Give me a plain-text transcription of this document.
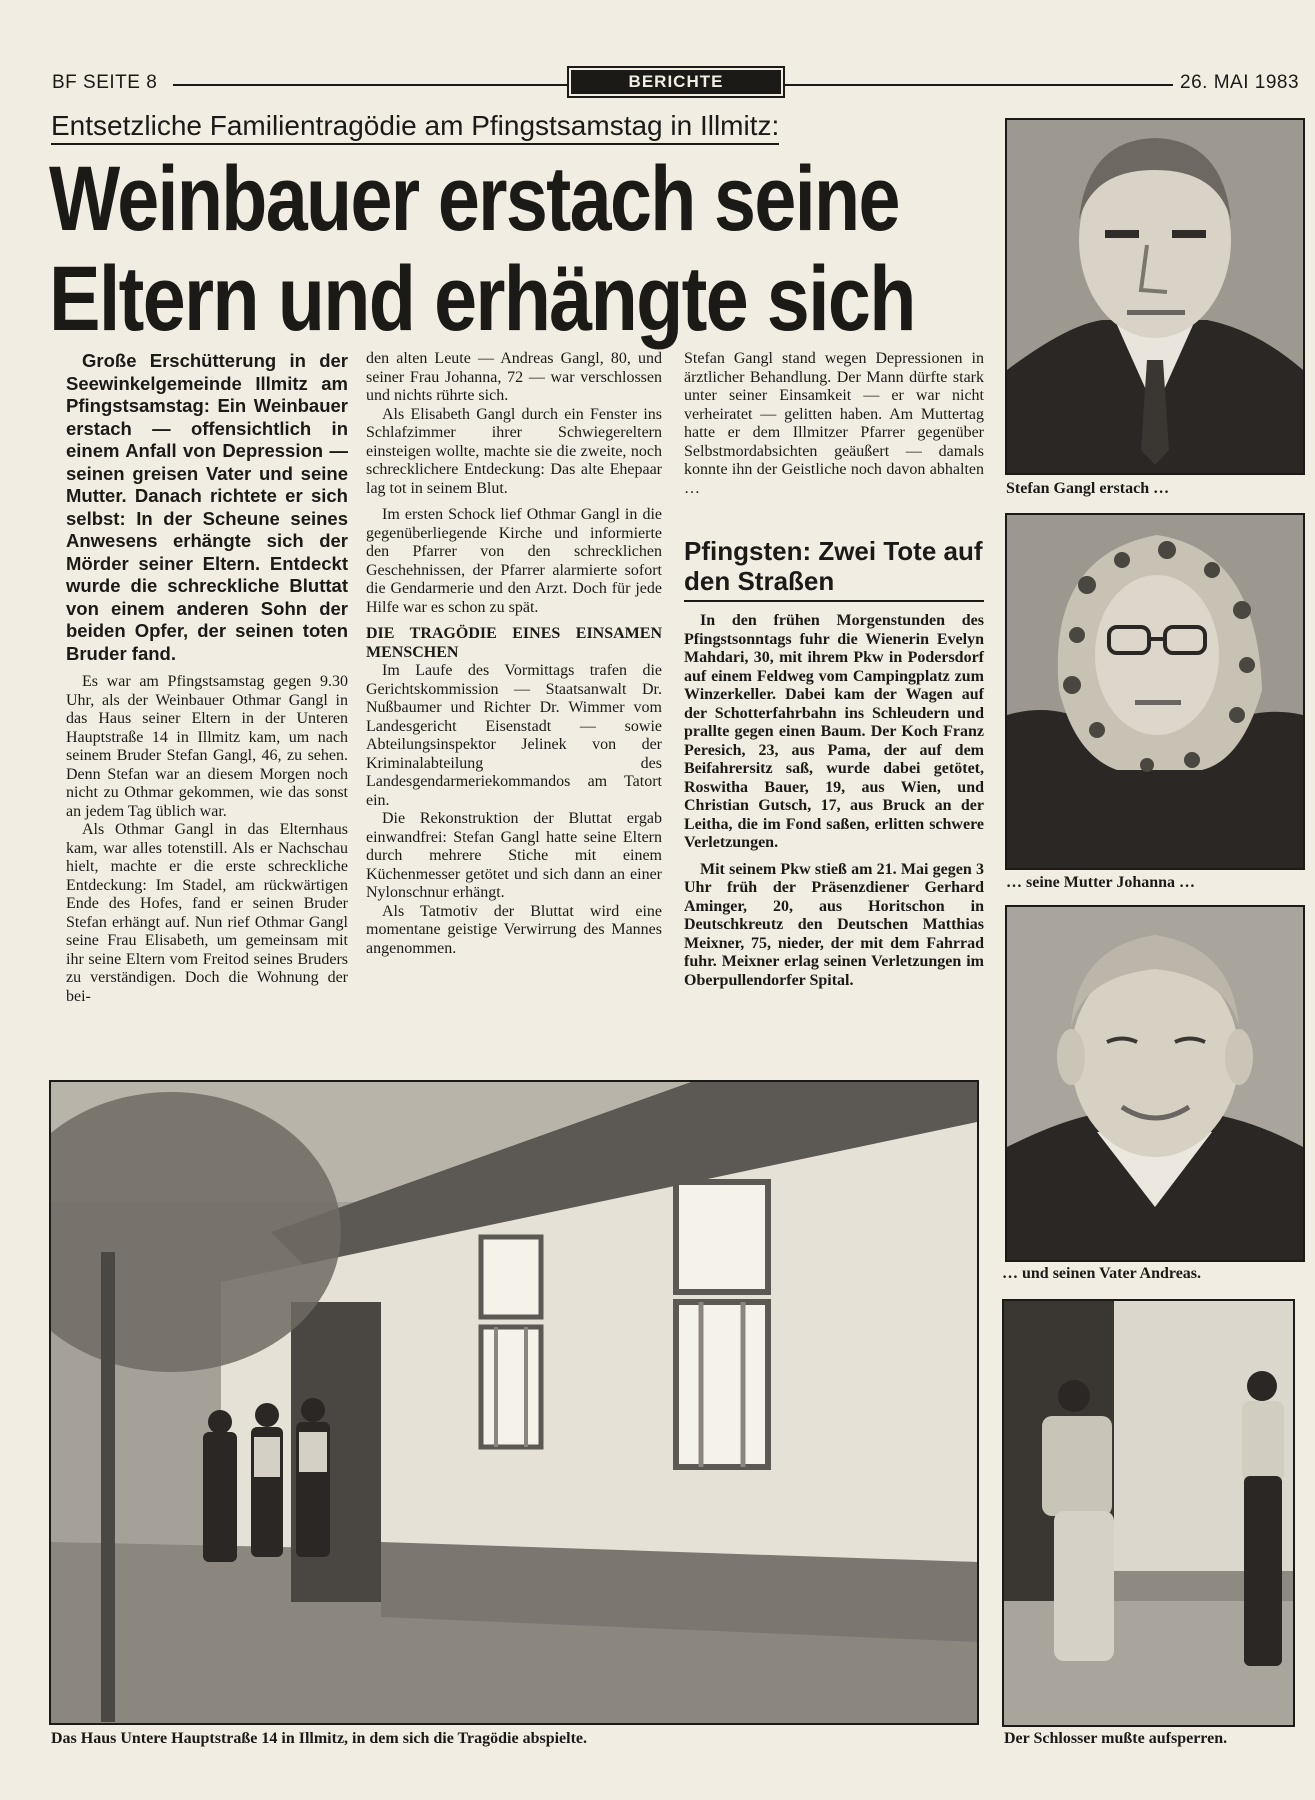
BF SEITE 8	BERICHTE	26. MAI 1983
Entsetzliche Familientragödie am Pfingstsamstag in Illmitz:
Weinbauer erstach seine
Eltern und erhängte sich

Große Erschütterung in der Seewinkelgemeinde Illmitz am Pfingstsamstag: Ein Weinbauer erstach — offensichtlich in einem Anfall von Depression — seinen greisen Vater und seine Mutter. Danach richtete er sich selbst: In der Scheune seines Anwesens erhängte sich der Mörder seiner Eltern. Entdeckt wurde die schreckliche Bluttat von einem anderen Sohn der beiden Opfer, der seinen toten Bruder fand.

Es war am Pfingstsamstag gegen 9.30 Uhr, als der Weinbauer Othmar Gangl in das Haus seiner Eltern in der Unteren Hauptstraße 14 in Illmitz kam, um nach seinem Bruder Stefan Gangl, 46, zu sehen. Denn Stefan war an diesem Morgen noch nicht zu Othmar gekommen, wie das sonst an jedem Tag üblich war.

Als Othmar Gangl in das Elternhaus kam, war alles totenstill. Als er Nachschau hielt, machte er die erste schreckliche Entdeckung: Im Stadel, am rückwärtigen Ende des Hofes, fand er seinen Bruder Stefan erhängt auf. Nun rief Othmar Gangl seine Frau Elisabeth, um gemeinsam mit ihr seine Eltern vom Freitod seines Bruders zu verständigen. Doch die Wohnung der bei-

den alten Leute — Andreas Gangl, 80, und seiner Frau Johanna, 72 — war verschlossen und nichts rührte sich.

Als Elisabeth Gangl durch ein Fenster ins Schlafzimmer ihrer Schwiegereltern einsteigen wollte, machte sie die zweite, noch schrecklichere Entdeckung: Das alte Ehepaar lag tot in seinem Blut.

Im ersten Schock lief Othmar Gangl in die gegenüberliegende Kirche und informierte den Pfarrer von den schrecklichen Geschehnissen, der Pfarrer alarmierte sofort die Gendarmerie und den Arzt. Doch für jede Hilfe war es schon zu spät.

DIE TRAGÖDIE EINES EINSAMEN MENSCHEN

Im Laufe des Vormittags trafen die Gerichtskommission — Staatsanwalt Dr. Nußbaumer und Richter Dr. Wimmer vom Landesgericht Eisenstadt — sowie Abteilungsinspektor Jelinek von der Kriminalabteilung des Landesgendarmeriekommandos am Tatort ein.

Die Rekonstruktion der Bluttat ergab einwandfrei: Stefan Gangl hatte seine Eltern durch mehrere Stiche mit einem Küchenmesser getötet und sich dann an einer Nylonschnur erhängt.

Als Tatmotiv der Bluttat wird eine momentane geistige Verwirrung des Mannes angenommen.

Stefan Gangl stand wegen Depressionen in ärztlicher Behandlung. Der Mann dürfte stark unter seiner Einsamkeit — er war nicht verheiratet — gelitten haben. Am Muttertag hatte er dem Illmitzer Pfarrer gegenüber Selbstmordabsichten geäußert — damals konnte ihn der Geistliche noch davon abhalten …

Pfingsten: Zwei Tote auf den Straßen

In den frühen Morgenstunden des Pfingstsonntags fuhr die Wienerin Evelyn Mahdari, 30, mit ihrem Pkw in Podersdorf auf einem Feldweg vom Campingplatz zum Winzerkeller. Dabei kam der Wagen auf der Schotterfahrbahn ins Schleudern und prallte gegen einen Baum. Der Koch Franz Peresich, 23, aus Pama, der auf dem Beifahrersitz saß, wurde dabei getötet, Roswitha Bauer, 19, aus Wien, und Christian Gutsch, 17, aus Bruck an der Leitha, die im Fond saßen, erlitten schwere Verletzungen.

Mit seinem Pkw stieß am 21. Mai gegen 3 Uhr früh der Präsenzdiener Gerhard Aminger, 20, aus Horitschon in Deutschkreutz den Deutschen Matthias Meixner, 75, nieder, der mit dem Fahrrad fuhr. Meixner erlag seinen Verletzungen im Oberpullendorfer Spital.

Stefan Gangl erstach …
… seine Mutter Johanna …
… und seinen Vater Andreas.
Das Haus Untere Hauptstraße 14 in Illmitz, in dem sich die Tragödie abspielte.	Der Schlosser mußte aufsperren.
